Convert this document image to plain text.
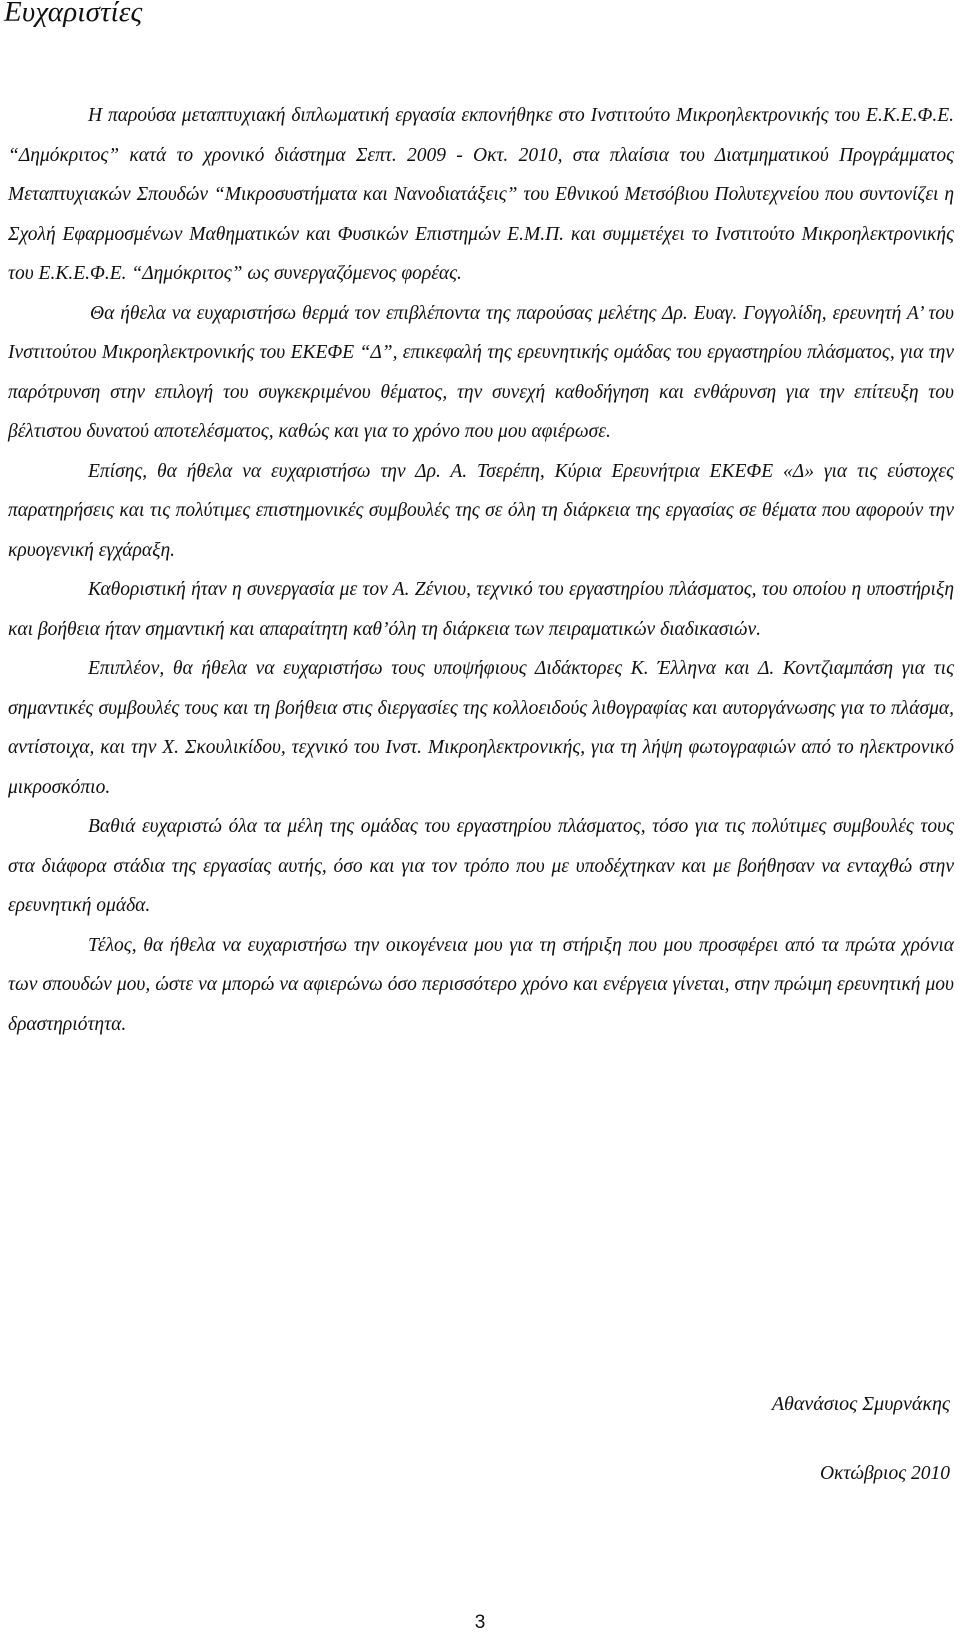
Ευχαριστίες

Η παρούσα μεταπτυχιακή διπλωματική εργασία εκπονήθηκε στο Ινστιτούτο Μικροηλεκτρονικής του Ε.Κ.Ε.Φ.Ε. “Δημόκριτος” κατά το χρονικό διάστημα Σεπτ. 2009 - Οκτ. 2010, στα πλαίσια του Διατμηματικού Προγράμματος Μεταπτυχιακών Σπουδών “Μικροσυστήματα και Νανοδιατάξεις” του Εθνικού Μετσόβιου Πολυτεχνείου που συντονίζει η Σχολή Εφαρμοσμένων Μαθηματικών και Φυσικών Επιστημών Ε.Μ.Π. και συμμετέχει το Ινστιτούτο Μικροηλεκτρονικής του Ε.Κ.Ε.Φ.Ε. “Δημόκριτος” ως συνεργαζόμενος φορέας.

Θα ήθελα να ευχαριστήσω θερμά τον επιβλέποντα της παρούσας μελέτης Δρ. Ευαγ. Γογγολίδη, ερευνητή Α’ του Ινστιτούτου Μικροηλεκτρονικής του ΕΚΕΦΕ “Δ”, επικεφαλή της ερευνητικής ομάδας του εργαστηρίου πλάσματος, για την παρότρυνση στην επιλογή του συγκεκριμένου θέματος, την συνεχή καθοδήγηση και ενθάρυνση για την επίτευξη του βέλτιστου δυνατού αποτελέσματος, καθώς και για το χρόνο που μου αφιέρωσε.

Επίσης, θα ήθελα να ευχαριστήσω την Δρ. Α. Τσερέπη, Κύρια Ερευνήτρια ΕΚΕΦΕ «Δ» για τις εύστοχες παρατηρήσεις και τις πολύτιμες επιστημονικές συμβουλές της σε όλη τη διάρκεια της εργασίας σε θέματα που αφορούν την κρυογενική εγχάραξη.

Καθοριστική ήταν η συνεργασία με τον Α. Ζένιου, τεχνικό του εργαστηρίου πλάσματος, του οποίου η υποστήριξη και βοήθεια ήταν σημαντική και απαραίτητη καθ’όλη τη διάρκεια των πειραματικών διαδικασιών.

Επιπλέον, θα ήθελα να ευχαριστήσω τους υποψήφιους Διδάκτορες Κ. Έλληνα και Δ. Κοντζιαμπάση για τις σημαντικές συμβουλές τους και τη βοήθεια στις διεργασίες της κολλοειδούς λιθογραφίας και αυτοργάνωσης για το πλάσμα, αντίστοιχα, και την Χ. Σκουλικίδου, τεχνικό του Ινστ. Μικροηλεκτρονικής, για τη λήψη φωτογραφιών από το ηλεκτρονικό μικροσκόπιο.

Βαθιά ευχαριστώ όλα τα μέλη της ομάδας του εργαστηρίου πλάσματος, τόσο για τις πολύτιμες συμβουλές τους στα διάφορα στάδια της εργασίας αυτής, όσο και για τον τρόπο που με υποδέχτηκαν και με βοήθησαν να ενταχθώ στην ερευνητική ομάδα.

Τέλος, θα ήθελα να ευχαριστήσω την οικογένεια μου για τη στήριξη που μου προσφέρει από τα πρώτα χρόνια των σπουδών μου, ώστε να μπορώ να αφιερώνω όσο περισσότερο χρόνο και ενέργεια γίνεται, στην πρώιμη ερευνητική μου δραστηριότητα.

Αθανάσιος Σμυρνάκης
Οκτώβριος 2010
3
